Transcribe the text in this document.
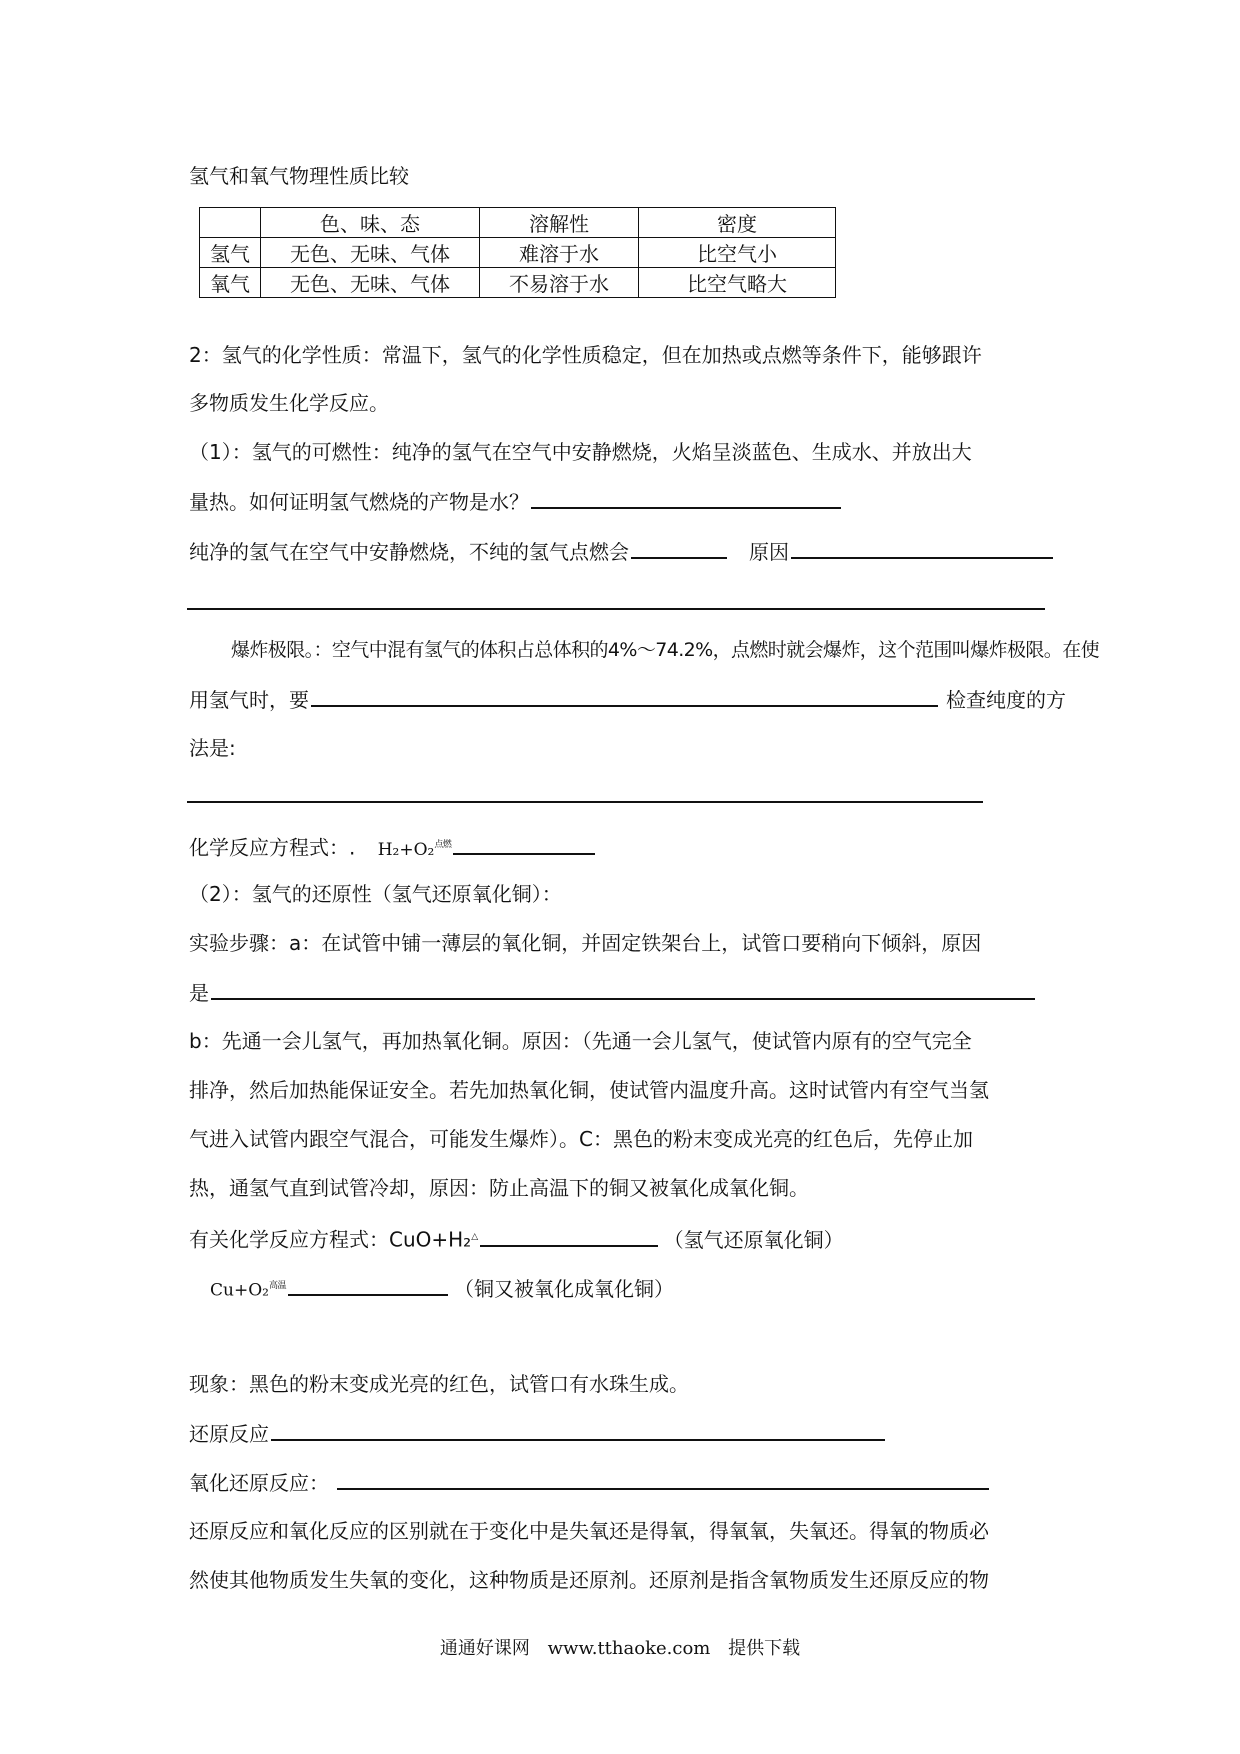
氢气和氧气物理性质比较
	色、味、态	溶解性	密度
氢气	无色、无味、气体	难溶于水	比空气小
氧气	无色、无味、气体	不易溶于水	比空气略大
2：氢气的化学性质：常温下，氢气的化学性质稳定，但在加热或点燃等条件下，能够跟许
多物质发生化学反应。
（1）：氢气的可燃性：纯净的氢气在空气中安静燃烧，火焰呈淡蓝色、生成水、并放出大
量热。如何证明氢气燃烧的产物是水？
纯净的氢气在空气中安静燃烧，不纯的氢气点燃会	原因
爆炸极限。：空气中混有氢气的体积占总体积的4%～74.2%，点燃时就会爆炸，这个范围叫爆炸极限。在使
用氢气时，要	检查纯度的方
法是:
化学反应方程式：. H₂+O₂$^{点燃}$
（2）：氢气的还原性（氢气还原氧化铜）：
实验步骤：a：在试管中铺一薄层的氧化铜，并固定铁架台上，试管口要稍向下倾斜，原因
是
b：先通一会儿氢气，再加热氧化铜。原因：（先通一会儿氢气，使试管内原有的空气完全
排净，然后加热能保证安全。若先加热氧化铜，使试管内温度升高。这时试管内有空气当氢
气进入试管内跟空气混合，可能发生爆炸）。C：黑色的粉末变成光亮的红色后，先停止加
热，通氢气直到试管冷却，原因：防止高温下的铜又被氧化成氧化铜。
有关化学反应方程式：CuO+H₂△	（氢气还原氧化铜）
Cu+O₂$^{高温}$	（铜又被氧化成氧化铜）
现象：黑色的粉末变成光亮的红色，试管口有水珠生成。
还原反应
氧化还原反应：
还原反应和氧化反应的区别就在于变化中是失氧还是得氧，得氧氧，失氧还。得氧的物质必
然使其他物质发生失氧的变化，这种物质是还原剂。还原剂是指含氧物质发生还原反应的物
通通好课网 www.tthaoke.com 提供下载
